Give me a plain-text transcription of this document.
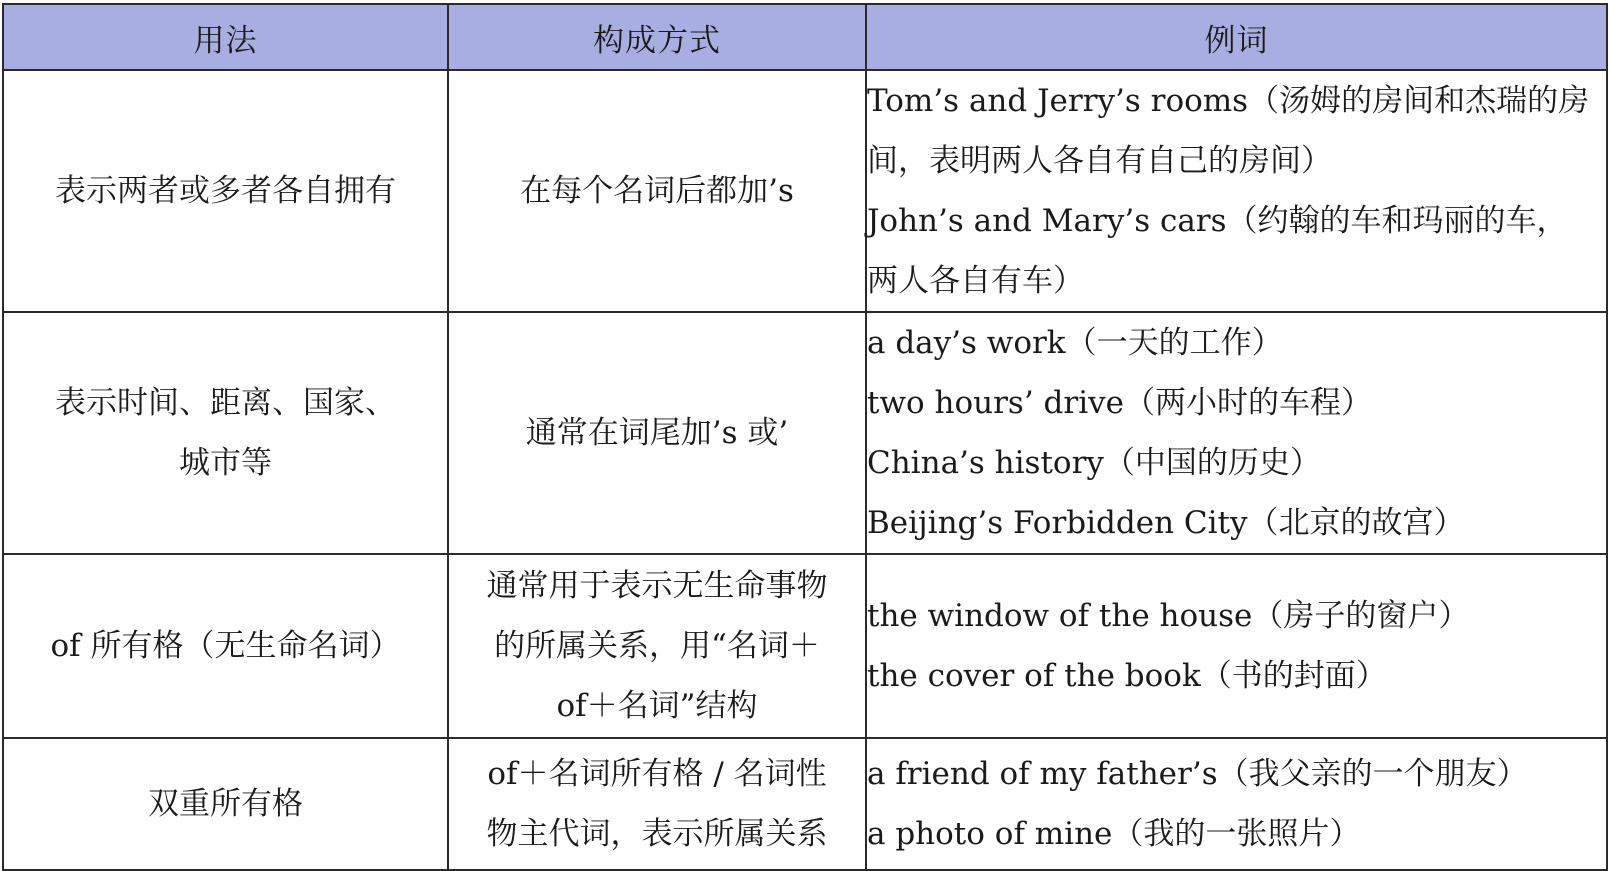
用法	构成方式	例词

表示两者或多者各自拥有	在每个名词后都加’s	Tom’s and Jerry’s rooms（汤姆的房间和杰瑞的房
间，表明两人各自有自己的房间）
John’s and Mary’s cars（约翰的车和玛丽的车，
两人各自有车）

表示时间、距离、国家、
城市等	通常在词尾加’s 或’	a day’s work（一天的工作）
two hours’ drive（两小时的车程）
China’s history（中国的历史）
Beijing’s Forbidden City（北京的故宫）

of 所有格（无生命名词）	通常用于表示无生命事物
的所属关系，用“名词＋
of＋名词”结构	the window of the house（房子的窗户）
the cover of the book（书的封面）

双重所有格	of＋名词所有格 / 名词性
物主代词，表示所属关系	a friend of my father’s（我父亲的一个朋友）
a photo of mine（我的一张照片）
